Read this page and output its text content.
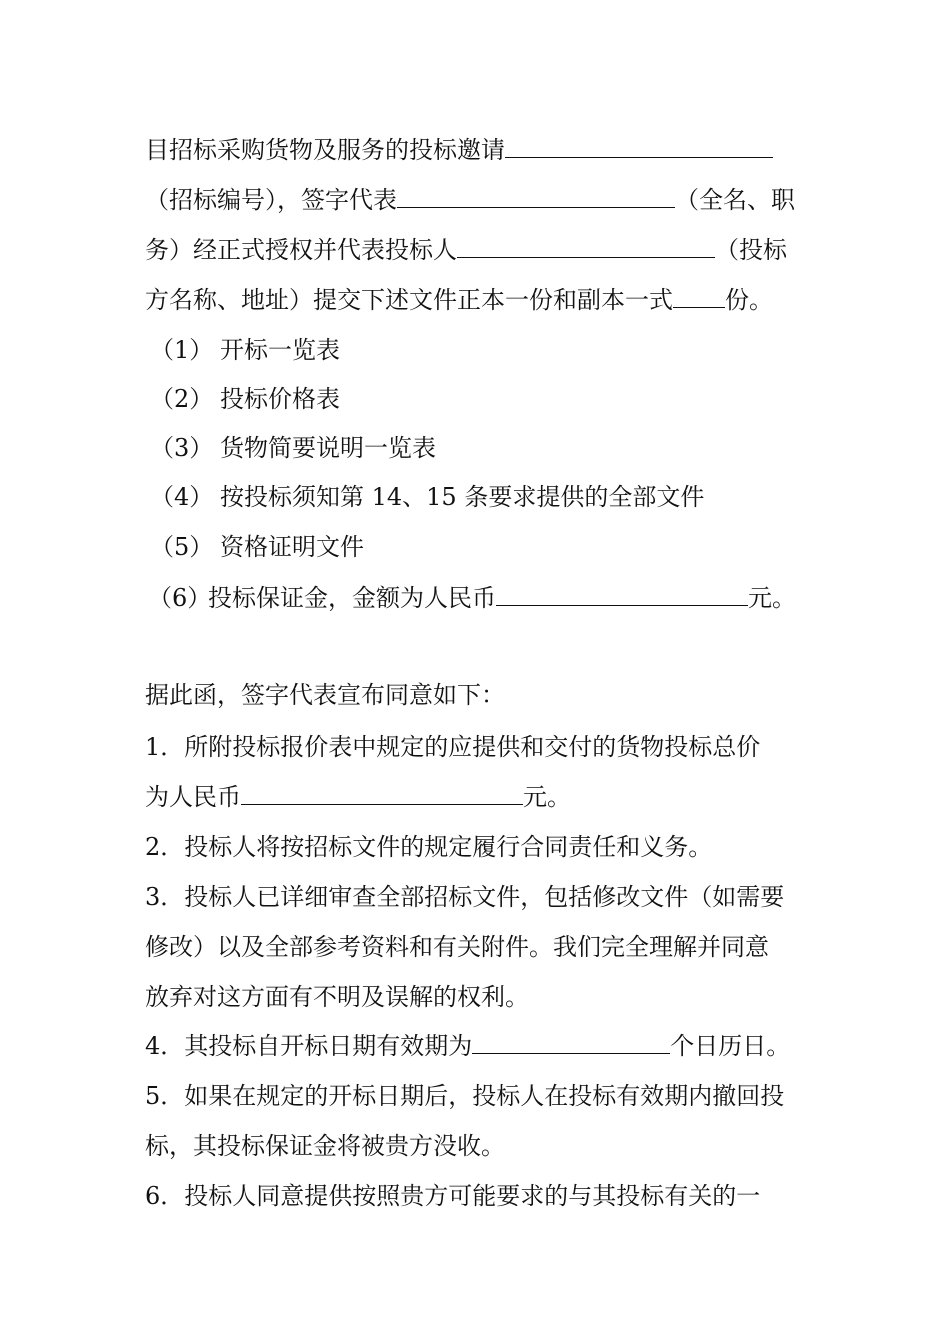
目招标采购货物及服务的投标邀请
（招标编号），签字代表	（全名、职
务）经正式授权并代表投标人	（投标
方名称、地址）提交下述文件正本一份和副本一式 份。
（1） 开标一览表
（2） 投标价格表
（3） 货物简要说明一览表
（4） 按投标须知第 14、15 条要求提供的全部文件
（5） 资格证明文件
（6）投标保证金，金额为人民币	元。
据此函，签字代表宣布同意如下：
1．所附投标报价表中规定的应提供和交付的货物投标总价
为人民币	元。
2．投标人将按招标文件的规定履行合同责任和义务。
3．投标人已详细审查全部招标文件，包括修改文件（如需要
修改）以及全部参考资料和有关附件。我们完全理解并同意
放弃对这方面有不明及误解的权利。
4．其投标自开标日期有效期为	个日历日。
5．如果在规定的开标日期后，投标人在投标有效期内撤回投
标，其投标保证金将被贵方没收。
6．投标人同意提供按照贵方可能要求的与其投标有关的一
